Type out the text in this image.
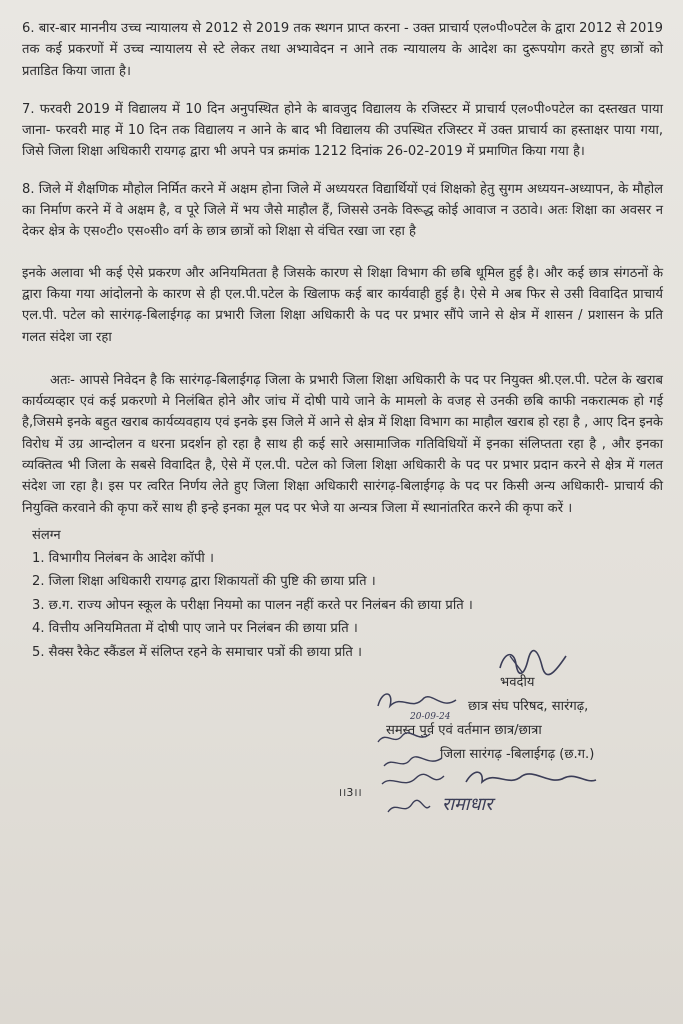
6. बार-बार माननीय उच्च न्यायालय से 2012 से 2019 तक स्थगन प्राप्त करना - उक्त प्राचार्य एल०पी०पटेल के द्वारा 2012 से 2019 तक कई प्रकरणों में उच्च न्यायालय से स्टे लेकर तथा अभ्यावेदन न आने तक न्यायालय के आदेश का दुरूपयोग करते हुए छात्रों को प्रताडित किया जाता है।

7. फरवरी 2019 में विद्यालय में 10 दिन अनुपस्थित होने के बावजुद विद्यालय के रजिस्टर में प्राचार्य एल०पी०पटेल का दस्तखत पाया जाना- फरवरी माह में 10 दिन तक विद्यालय न आने के बाद भी विद्यालय की उपस्थित रजिस्टर में उक्त प्राचार्य का हस्ताक्षर पाया गया, जिसे जिला शिक्षा अधिकारी रायगढ़ द्वारा भी अपने पत्र क्रमांक 1212 दिनांक 26-02-2019 में प्रमाणित किया गया है।

8. जिले में शैक्षणिक मौहोल निर्मित करने में अक्षम होना जिले में अध्ययरत विद्यार्थियों एवं शिक्षको हेतु सुगम अध्ययन-अध्यापन, के मौहोल का निर्माण करने में वे अक्षम है, व पूरे जिले में भय जैसे माहौल हैं, जिससे उनके विरूद्ध कोई आवाज न उठावे। अतः शिक्षा का अवसर न देकर क्षेत्र के एस०टी० एस०सी० वर्ग के छात्र छात्रों को शिक्षा से वंचित रखा जा रहा है

इनके अलावा भी कई ऐसे प्रकरण और अनियमितता है जिसके कारण से शिक्षा विभाग की छबि धूमिल हुई है। और कई छात्र संगठनों के द्वारा किया गया आंदोलनो के कारण से ही एल.पी.पटेल के खिलाफ कई बार कार्यवाही हुई है। ऐसे मे अब फिर से उसी विवादित प्राचार्य एल.पी. पटेल को सारंगढ़-बिलाईगढ़ का प्रभारी जिला शिक्षा अधिकारी के पद पर प्रभार सौंपे जाने से क्षेत्र में शासन / प्रशासन के प्रति गलत संदेश जा रहा

अतः- आपसे निवेदन है कि सारंगढ़-बिलाईगढ़ जिला के प्रभारी जिला शिक्षा अधिकारी के पद पर नियुक्त श्री.एल.पी. पटेल के खराब कार्यव्यव्हार एवं कई प्रकरणो मे निलंबित होने और जांच में दोषी पाये जाने के मामलो के वजह से उनकी छबि काफी नकरात्मक हो गई है,जिसमे इनके बहुत खराब कार्यव्यवहाय एवं इनके इस जिले में आने से क्षेत्र में शिक्षा विभाग का माहौल खराब हो रहा है , आए दिन इनके विरोध में उग्र आन्दोलन व धरना प्रदर्शन हो रहा है साथ ही कई सारे असामाजिक गतिविधियों में इनका संलिप्तता रहा है , और इनका व्यक्तित्व भी जिला के सबसे विवादित है, ऐसे में एल.पी. पटेल को जिला शिक्षा अधिकारी के पद पर प्रभार प्रदान करने से क्षेत्र में गलत संदेश जा रहा है। इस पर त्वरित निर्णय लेते हुए जिला शिक्षा अधिकारी सारंगढ़-बिलाईगढ़ के पद पर किसी अन्य अधिकारी- प्राचार्य की नियुक्ति करवाने की कृपा करें साथ ही इन्हे इनका मूल पद पर भेजे या अन्यत्र जिला में स्थानांतरित करने की कृपा करें ।

संलग्न
1. विभागीय निलंबन के आदेश कॉपी ।
2. जिला शिक्षा अधिकारी रायगढ़ द्वारा शिकायतों की पुष्टि की छाया प्रति ।
3. छ.ग. राज्य ओपन स्कूल के परीक्षा नियमो का पालन नहीं करते पर निलंबन की छाया प्रति ।
4. वित्तीय अनियमितता में दोषी पाए जाने पर निलंबन की छाया प्रति ।
5. सैक्स रैकेट स्कैंडल में संलिप्त रहने के समाचार पत्रों की छाया प्रति ।
भवदीय
छात्र संघ परिषद, सारंगढ़,
समस्त पुर्व एवं वर्तमान छात्र/छात्रा
जिला सारंगढ़ -बिलाईगढ़ (छ.ग.)
20-09-24
रामाधार
।।3।।
